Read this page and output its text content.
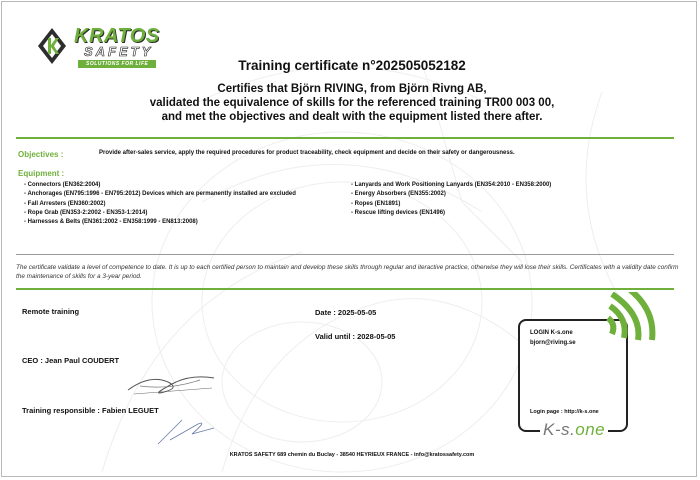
KRATOS
SAFETY
SOLUTIONS FOR LIFE	Training certificate n°202505052182
Certifies that Björn RIVING, from Björn Rivng AB,
validated the equivalence of skills for the referenced training TR00 003 00,
and met the objectives and dealt with the equipment listed there after.
Objectives :	Provide after-sales service, apply the required procedures for product traceability, check equipment and decide on their safety or dangerousness.
Equipment :
- Connectors (EN362:2004)
- Anchorages (EN795:1996 - EN795:2012) Devices which are permanently installed are excluded
- Fall Arresters (EN360:2002)
- Rope Grab (EN353-2:2002 - EN353-1:2014)
- Harnesses & Belts (EN361:2002 - EN358:1999 - EN813:2008)
- Lanyards and Work Positioning Lanyards (EN354:2010 - EN358:2000)
- Energy Absorbers (EN355:2002)
- Ropes (EN1891)
- Rescue lifting devices (EN1496)
The certificate validate a level of competence to date. It is up to each certified person to maintain and develop these skills through regular and iteractive practice, otherwise they will lose their skills. Certificates with a validity date confirm the maintenance of skills for a 3-year period.
Remote training	Date : 2025-05-05
Valid until : 2028-05-05
CEO : Jean Paul COUDERT
Training responsible : Fabien LEGUET
LOGIN K-s.one
bjorn@riving.se
Login page : http://k-s.one
K-s.one
KRATOS SAFETY 689 chemin du Buclay - 38540 HEYRIEUX FRANCE - info@kratossafety.com
